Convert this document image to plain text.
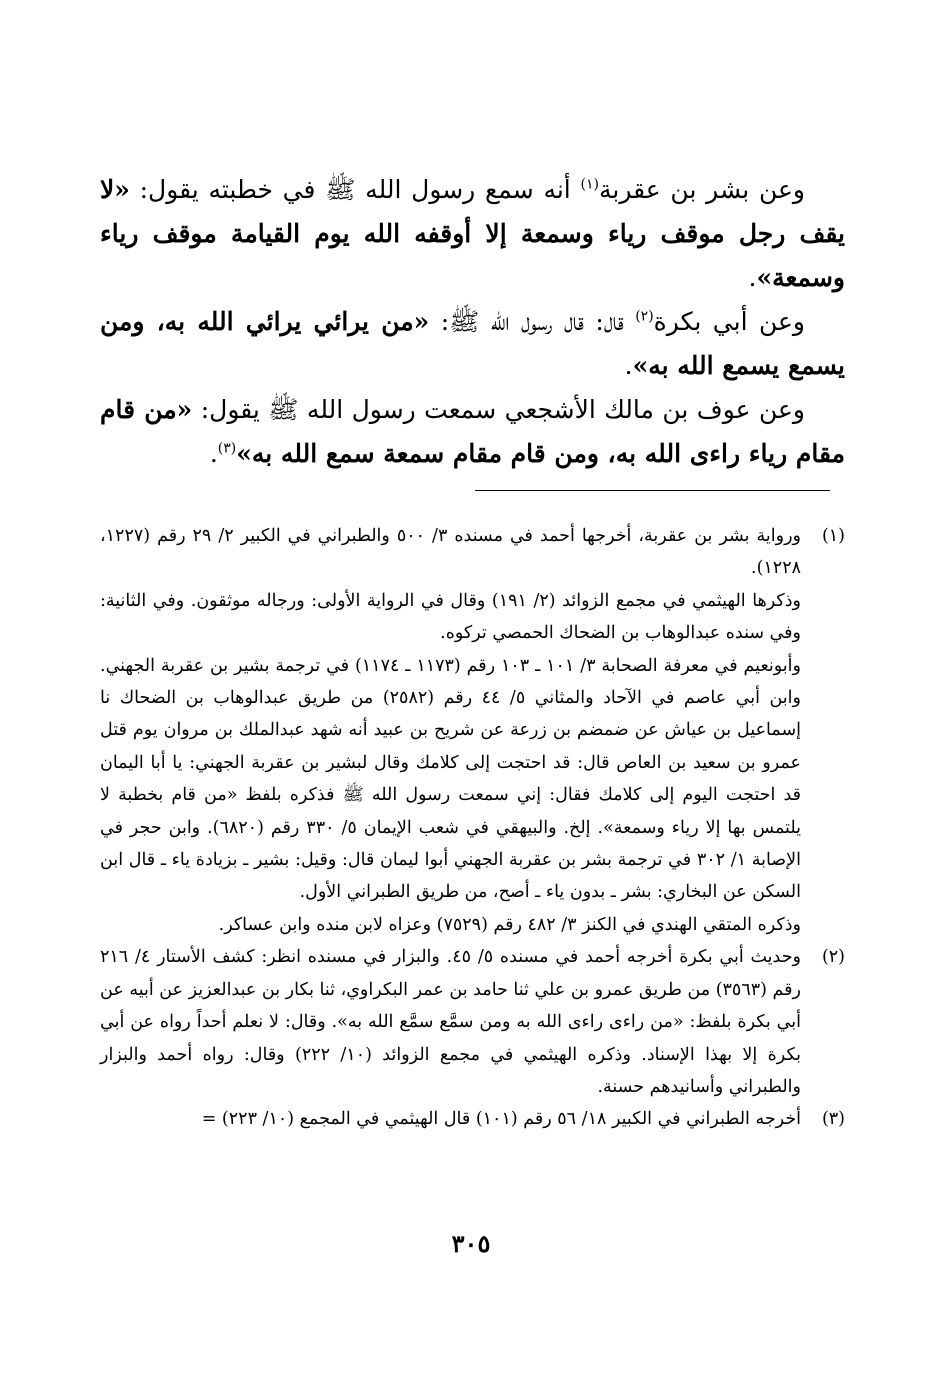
وعن بشر بن عقربة$^{(١)}$ أنه سمع رسول الله ﷺ في خطبته يقول: «لا يقف رجل موقف رياء وسمعة إلا أوقفه الله يوم القيامة موقف رياء وسمعة».

وعن أبي بكرة$^{(٢)}$ قال: قال رسول الله ﷺ: «من يرائي يرائي الله به، ومن يسمع يسمع الله به».

وعن عوف بن مالك الأشجعي سمعت رسول الله ﷺ يقول: «من قام مقام رياء راءى الله به، ومن قام مقام سمعة سمع الله به»$^{(٣)}$.

(١)

ورواية بشر بن عقربة، أخرجها أحمد في مسنده ٣/ ٥٠٠ والطبراني في الكبير ٢/ ٢٩ رقم (١٢٢٧، ١٢٢٨).

وذكرها الهيثمي في مجمع الزوائد (٢/ ١٩١) وقال في الرواية الأولى: ورجاله موثقون. وفي الثانية: وفي سنده عبدالوهاب بن الضحاك الحمصي تركوه.

وأبونعيم في معرفة الصحابة ٣/ ١٠١ ـ ١٠٣ رقم (١١٧٣ ـ ١١٧٤) في ترجمة بشير بن عقربة الجهني. وابن أبي عاصم في الآحاد والمثاني ٥/ ٤٤ رقم (٢٥٨٢) من طريق عبدالوهاب بن الضحاك نا إسماعيل بن عياش عن ضمضم بن زرعة عن شريح بن عبيد أنه شهد عبدالملك بن مروان يوم قتل عمرو بن سعيد بن العاص قال: قد احتجت إلى كلامك وقال لبشير بن عقربة الجهني: يا أبا اليمان قد احتجت اليوم إلى كلامك فقال: إني سمعت رسول الله ﷺ فذكره بلفظ «من قام بخطبة لا يلتمس بها إلا رياء وسمعة». إلخ. والبيهقي في شعب الإيمان ٥/ ٣٣٠ رقم (٦٨٢٠). وابن حجر في الإصابة ١/ ٣٠٢ في ترجمة بشر بن عقربة الجهني أبوا ليمان قال: وقيل: بشير ـ بزيادة ياء ـ قال ابن السكن عن البخاري: بشر ـ بدون ياء ـ أصح، من طريق الطبراني الأول.

وذكره المتقي الهندي في الكنز ٣/ ٤٨٢ رقم (٧٥٢٩) وعزاه لابن منده وابن عساكر.

(٢)

وحديث أبي بكرة أخرجه أحمد في مسنده ٥/ ٤٥. والبزار في مسنده انظر: كشف الأستار ٤/ ٢١٦ رقم (٣٥٦٣) من طريق عمرو بن علي ثنا حامد بن عمر البكراوي، ثنا بكار بن عبدالعزيز عن أبيه عن أبي بكرة بلفظ: «من راءى راءى الله به ومن سمَّع سمَّع الله به». وقال: لا نعلم أحداً رواه عن أبي بكرة إلا بهذا الإسناد. وذكره الهيثمي في مجمع الزوائد (١٠/ ٢٢٢) وقال: رواه أحمد والبزار والطبراني وأسانيدهم حسنة.

(٣)

أخرجه الطبراني في الكبير ١٨/ ٥٦ رقم (١٠١) قال الهيثمي في المجمع (١٠/ ٢٢٣) =

٣٠٥
